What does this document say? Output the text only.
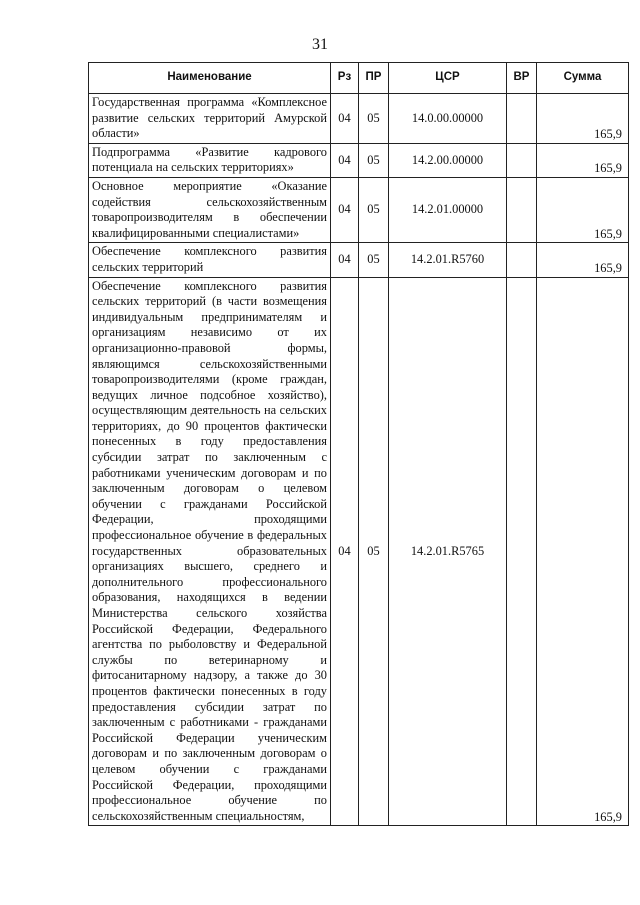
31
Наименование	Рз	ПР	ЦСР	ВР	Сумма
Государственная программа «Комплексное развитие сельских территорий Амурской области»	04	05	14.0.00.00000		165,9
Подпрограмма «Развитие кадрового потенциала на сельских территориях»	04	05	14.2.00.00000		165,9
Основное мероприятие «Оказание содействия сельскохозяйственным товаропроизводителям в обеспечении квалифицированными специалистами»	04	05	14.2.01.00000		165,9
Обеспечение комплексного развития сельских территорий	04	05	14.2.01.R5760		165,9
Обеспечение комплексного развития сельских территорий (в части возмещения индивидуальным предпринимателям и организациям независимо от их организационно-правовой формы, являющимся сельскохозяйственными товаропроизводителями (кроме граждан, ведущих личное подсобное хозяйство), осуществляющим деятельность на сельских территориях, до 90 процентов фактически понесенных в году предоставления субсидии затрат по заключенным с работниками ученическим договорам и по заключенным договорам о целевом обучении с гражданами Российской Федерации, проходящими профессиональное обучение в федеральных государственных образовательных организациях высшего, среднего и дополнительного профессионального образования, находящихся в ведении Министерства сельского хозяйства Российской Федерации, Федерального агентства по рыболовству и Федеральной службы по ветеринарному и фитосанитарному надзору, а также до 30 процентов фактически понесенных в году предоставления субсидии затрат по заключенным с работниками - гражданами Российской Федерации ученическим договорам и по заключенным договорам о целевом обучении с гражданами Российской Федерации, проходящими профессиональное обучение по сельскохозяйственным специальностям,	04	05	14.2.01.R5765		165,9
